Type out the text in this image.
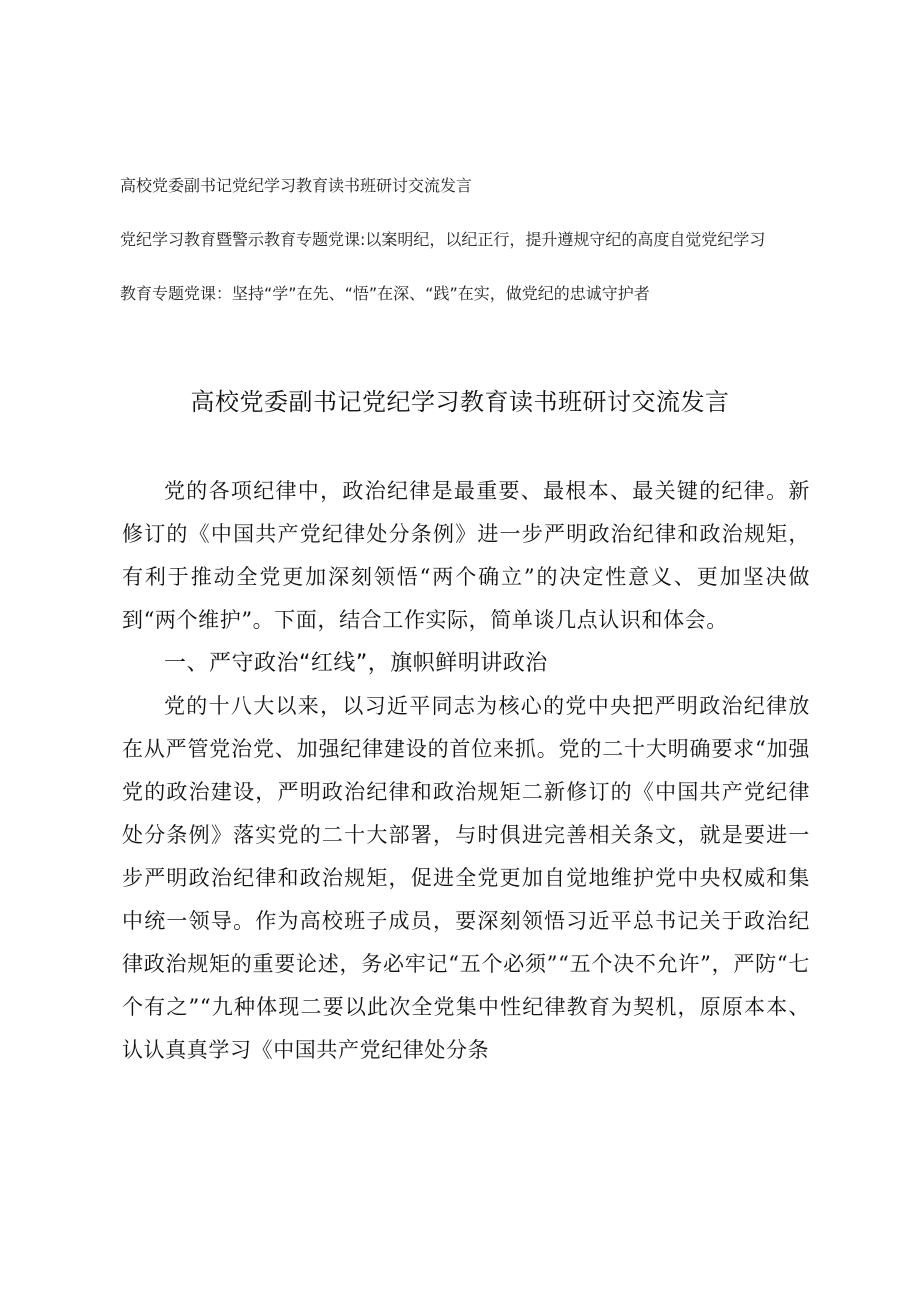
高校党委副书记党纪学习教育读书班研讨交流发言
党纪学习教育暨警示教育专题党课:以案明纪，以纪正行，提升遵规守纪的高度自觉党纪学习
教育专题党课：坚持“学”在先、“悟”在深、“践”在实，做党纪的忠诚守护者
高校党委副书记党纪学习教育读书班研讨交流发言

党的各项纪律中，政治纪律是最重要、最根本、最关键的纪律。新修订的《中国共产党纪律处分条例》进一步严明政治纪律和政治规矩，有利于推动全党更加深刻领悟“两个确立”的决定性意义、更加坚决做到“两个维护”。下面，结合工作实际，简单谈几点认识和体会。

一、严守政治“红线”，旗帜鲜明讲政治

党的十八大以来，以习近平同志为核心的党中央把严明政治纪律放在从严管党治党、加强纪律建设的首位来抓。党的二十大明确要求“加强党的政治建设，严明政治纪律和政治规矩二新修订的《中国共产党纪律处分条例》落实党的二十大部署，与时俱进完善相关条文，就是要进一步严明政治纪律和政治规矩，促进全党更加自觉地维护党中央权威和集中统一领导。作为高校班子成员，要深刻领悟习近平总书记关于政治纪律政治规矩的重要论述，务必牢记“五个必须”“五个决不允许”，严防“七个有之”“九种体现二要以此次全党集中性纪律教育为契机，原原本本、认认真真学习《中国共产党纪律处分条
